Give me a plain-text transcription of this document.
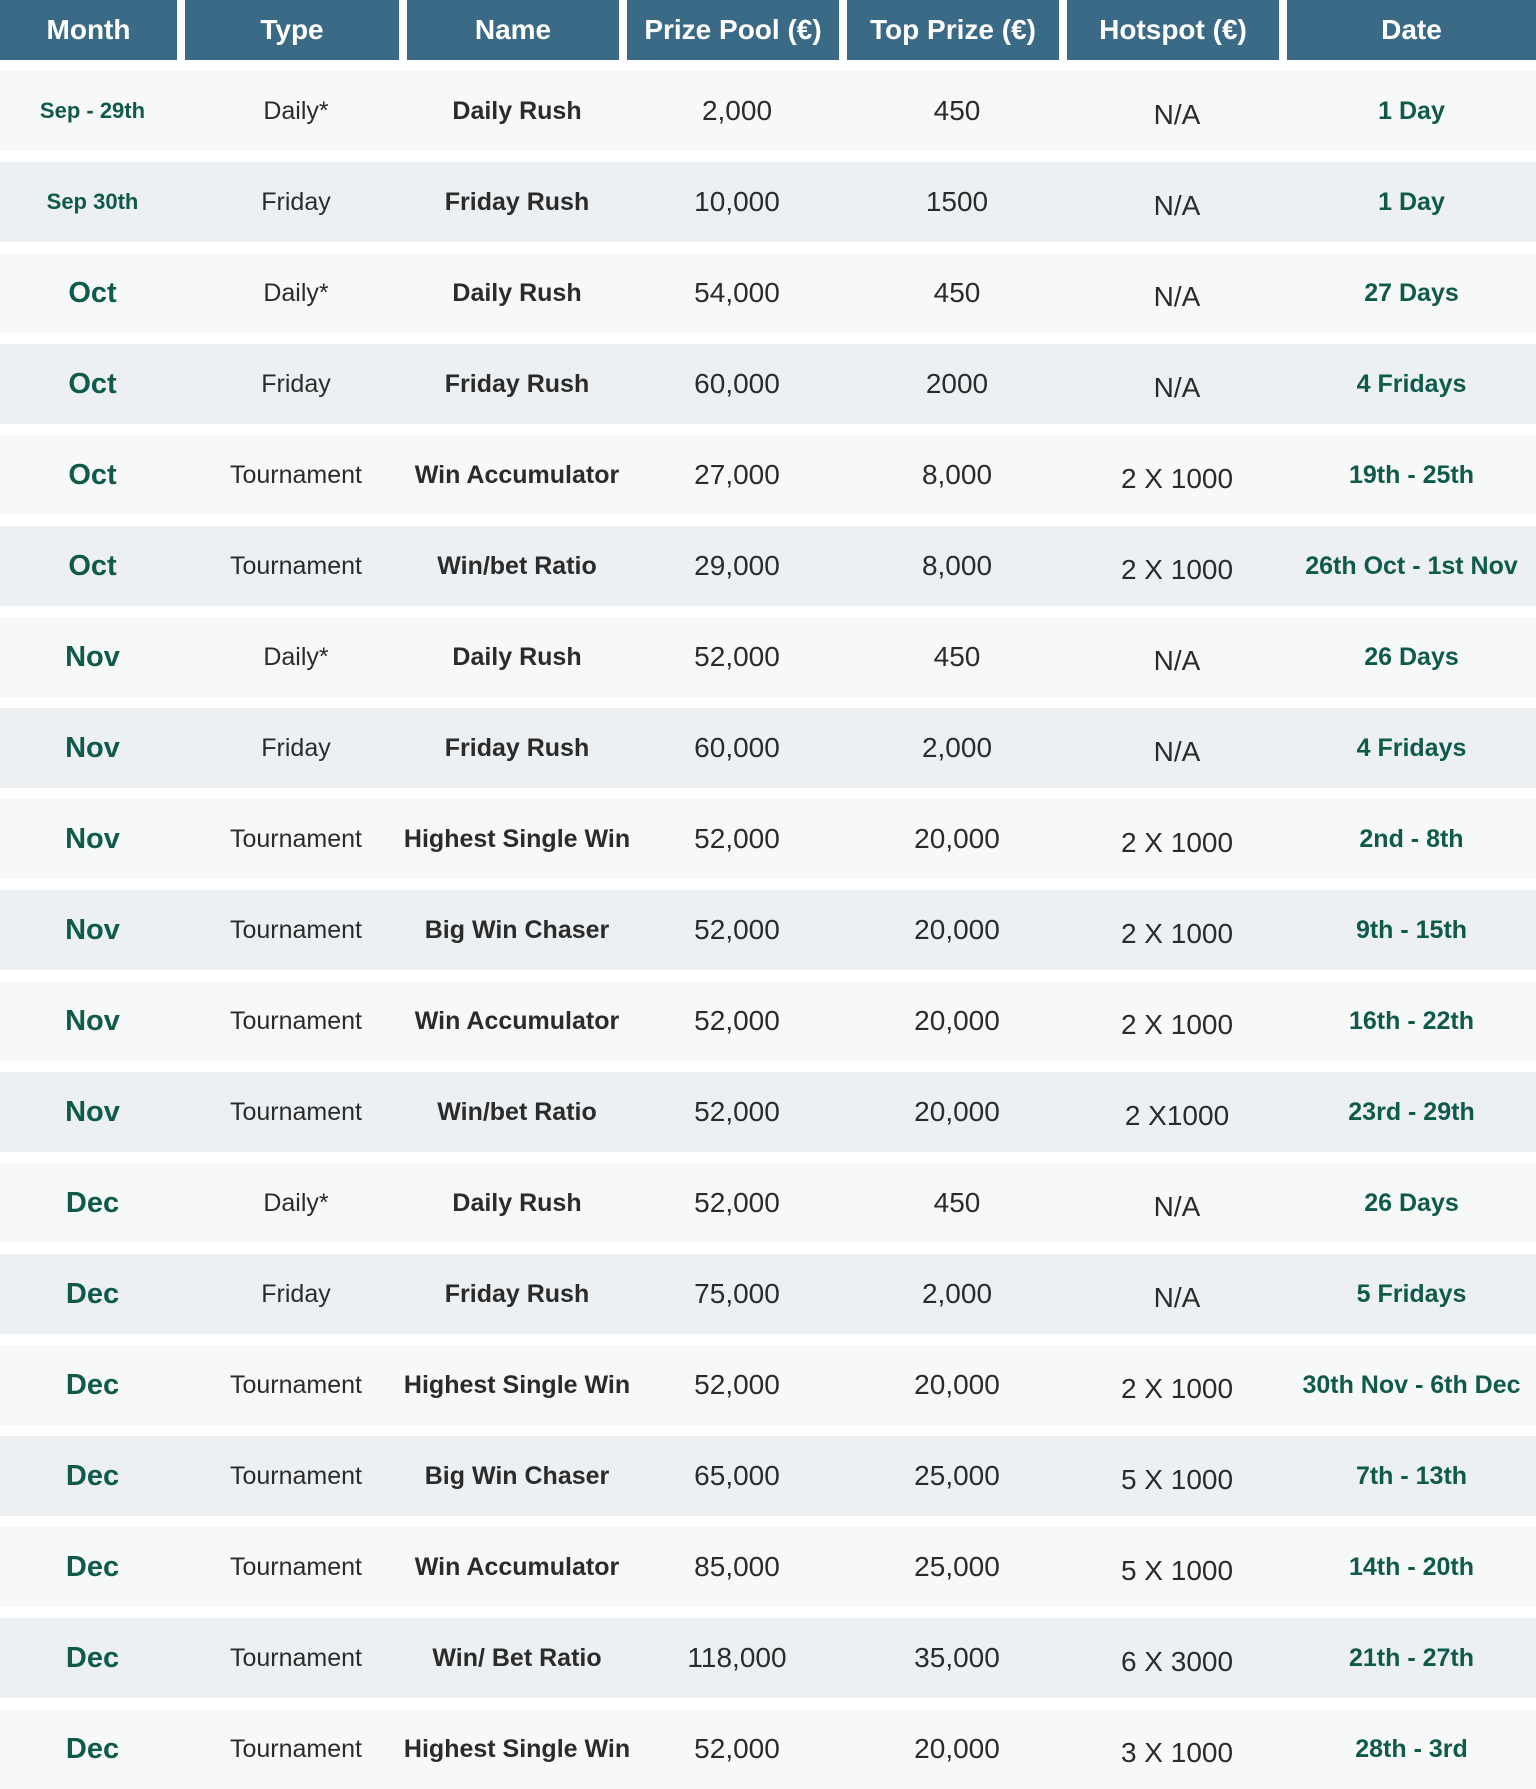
Month	Type	Name	Prize Pool (€)	Top Prize (€)	Hotspot (€)	Date
Sep - 29th	Daily*	Daily Rush	2,000	450	N/A	1 Day
Sep 30th	Friday	Friday Rush	10,000	1500	N/A	1 Day
Oct	Daily*	Daily Rush	54,000	450	N/A	27 Days
Oct	Friday	Friday Rush	60,000	2000	N/A	4 Fridays
Oct	Tournament	Win Accumulator	27,000	8,000	2 X 1000	19th - 25th
Oct	Tournament	Win/bet Ratio	29,000	8,000	2 X 1000	26th Oct - 1st Nov
Nov	Daily*	Daily Rush	52,000	450	N/A	26 Days
Nov	Friday	Friday Rush	60,000	2,000	N/A	4 Fridays
Nov	Tournament	Highest Single Win	52,000	20,000	2 X 1000	2nd - 8th
Nov	Tournament	Big Win Chaser	52,000	20,000	2 X 1000	9th - 15th
Nov	Tournament	Win Accumulator	52,000	20,000	2 X 1000	16th - 22th
Nov	Tournament	Win/bet Ratio	52,000	20,000	2 X1000	23rd - 29th
Dec	Daily*	Daily Rush	52,000	450	N/A	26 Days
Dec	Friday	Friday Rush	75,000	2,000	N/A	5 Fridays
Dec	Tournament	Highest Single Win	52,000	20,000	2 X 1000	30th Nov - 6th Dec
Dec	Tournament	Big Win Chaser	65,000	25,000	5 X 1000	7th - 13th
Dec	Tournament	Win Accumulator	85,000	25,000	5 X 1000	14th - 20th
Dec	Tournament	Win/ Bet Ratio	118,000	35,000	6 X 3000	21th - 27th
Dec	Tournament	Highest Single Win	52,000	20,000	3 X 1000	28th - 3rd
